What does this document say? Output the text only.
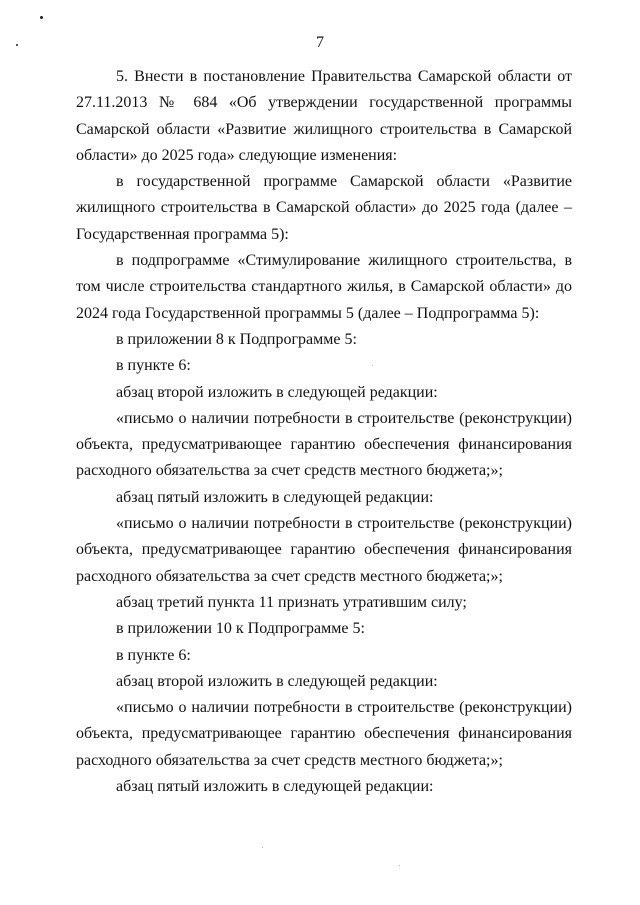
7

5. Внести в постановление Правительства Самарской области от 27.11.2013 № 684 «Об утверждении государственной программы Самарской области «Развитие жилищного строительства в Самарской области» до 2025 года» следующие изменения:

в государственной программе Самарской области «Развитие жилищного строительства в Самарской области» до 2025 года (далее – Государственная программа 5):

в подпрограмме «Стимулирование жилищного строительства, в том числе строительства стандартного жилья, в Самарской области» до 2024 года Государственной программы 5 (далее – Подпрограмма 5):

в приложении 8 к Подпрограмме 5:

в пункте 6:

абзац второй изложить в следующей редакции:

«письмо о наличии потребности в строительстве (реконструкции) объекта, предусматривающее гарантию обеспечения финансирования расходного обязательства за счет средств местного бюджета;»;

абзац пятый изложить в следующей редакции:

«письмо о наличии потребности в строительстве (реконструкции) объекта, предусматривающее гарантию обеспечения финансирования расходного обязательства за счет средств местного бюджета;»;

абзац третий пункта 11 признать утратившим силу;

в приложении 10 к Подпрограмме 5:

в пункте 6:

абзац второй изложить в следующей редакции:

«письмо о наличии потребности в строительстве (реконструкции) объекта, предусматривающее гарантию обеспечения финансирования расходного обязательства за счет средств местного бюджета;»;

абзац пятый изложить в следующей редакции:
